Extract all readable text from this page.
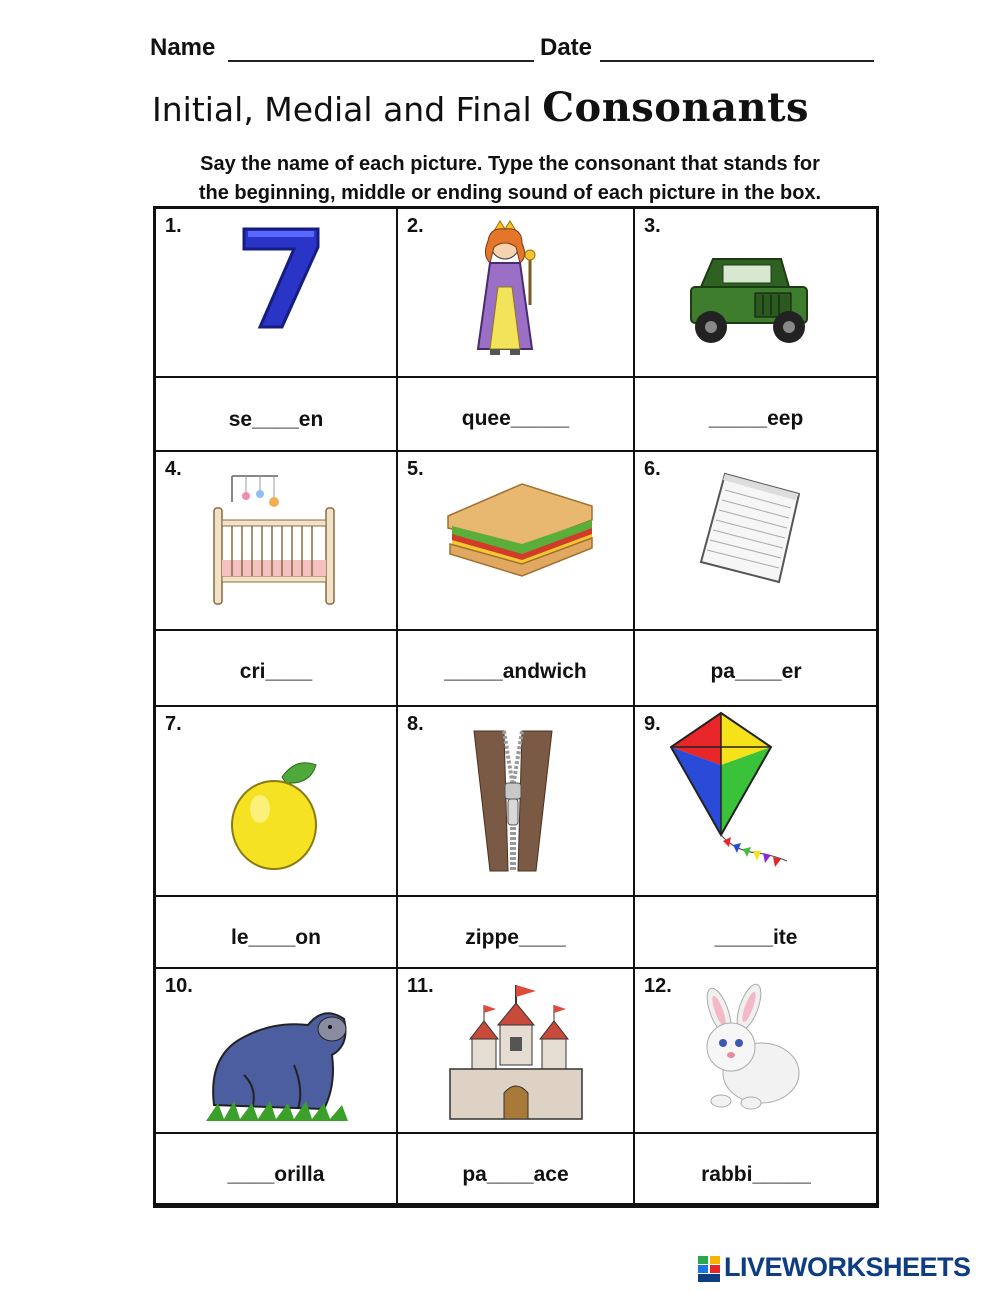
Name	Date
Initial, Medial and Final Consonants
Say the name of each picture. Type the consonant that stands for
the beginning, middle or ending sound of each picture in the box.
1.	2.	3.
se____en	quee_____	_____eep
4.	5.	6.
cri____	_____andwich	pa____er
7.	8.	9.
le____on	zippe____	_____ite
10.	11.	12.
____orilla	pa____ace	rabbi_____
LIVEWORKSHEETS
